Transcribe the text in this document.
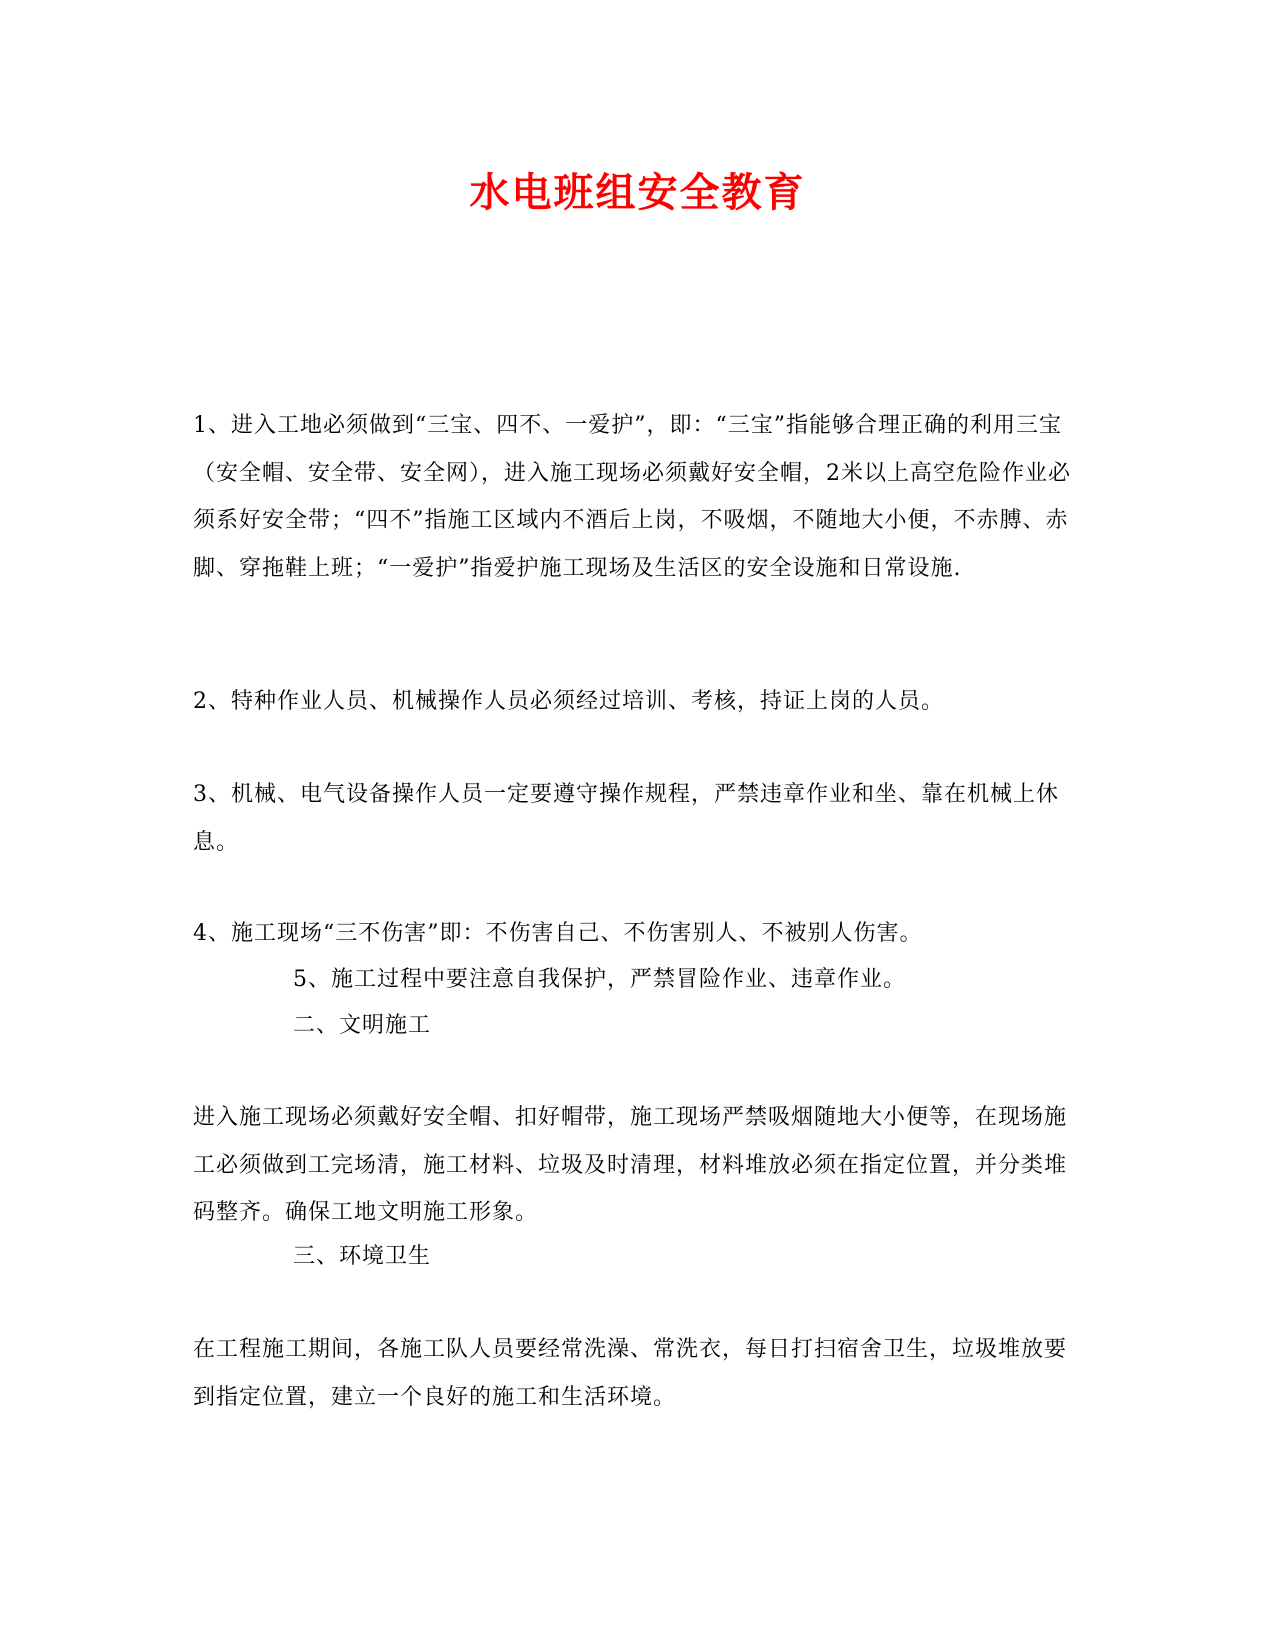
水电班组安全教育

1、进入工地必须做到“三宝、四不、一爱护”，即：“三宝”指能够合理正确的利用三宝（安全帽、安全带、安全网），进入施工现场必须戴好安全帽，2米以上高空危险作业必须系好安全带；“四不”指施工区域内不酒后上岗，不吸烟，不随地大小便，不赤膊、赤脚、穿拖鞋上班；“一爱护”指爱护施工现场及生活区的安全设施和日常设施.

2、特种作业人员、机械操作人员必须经过培训、考核，持证上岗的人员。

3、机械、电气设备操作人员一定要遵守操作规程，严禁违章作业和坐、靠在机械上休息。

4、施工现场“三不伤害”即：不伤害自己、不伤害别人、不被别人伤害。

5、施工过程中要注意自我保护，严禁冒险作业、违章作业。

二、文明施工

进入施工现场必须戴好安全帽、扣好帽带，施工现场严禁吸烟随地大小便等，在现场施工必须做到工完场清，施工材料、垃圾及时清理，材料堆放必须在指定位置，并分类堆码整齐。确保工地文明施工形象。

三、环境卫生

在工程施工期间，各施工队人员要经常洗澡、常洗衣，每日打扫宿舍卫生，垃圾堆放要到指定位置，建立一个良好的施工和生活环境。
